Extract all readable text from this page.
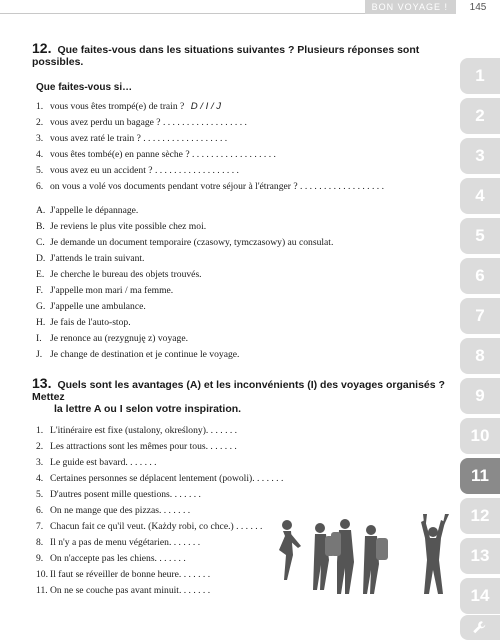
BON VOYAGE !	145
1
2
3
4
5
6
7
8
9
10
11
12
13
14

12. Que faites-vous dans les situations suivantes ? Plusieurs réponses sont possibles.

Que faites-vous si…
1. vous vous êtes trompé(e) de train ? D / I / J
2. vous avez perdu un bagage ? . . . . . . . . . . . . . . . . . .
3. vous avez raté le train ? . . . . . . . . . . . . . . . . . .
4. vous êtes tombé(e) en panne sèche ? . . . . . . . . . . . . . . . . . .
5. vous avez eu un accident ? . . . . . . . . . . . . . . . . . .
6. on vous a volé vos documents pendant votre séjour à l'étranger ? . . . . . . . . . . . . . . . . . .
A. J'appelle le dépannage.
B. Je reviens le plus vite possible chez moi.
C. Je demande un document temporaire (czasowy, tymczasowy) au consulat.
D. J'attends le train suivant.
E. Je cherche le bureau des objets trouvés.
F. J'appelle mon mari / ma femme.
G. J'appelle une ambulance.
H. Je fais de l'auto-stop.
I. Je renonce au (rezygnuję z) voyage.
J. Je change de destination et je continue le voyage.

13. Quels sont les avantages (A) et les inconvénients (I) des voyages organisés ? Mettez
la lettre A ou I selon votre inspiration.

1. L'itinéraire est fixe (ustalony, określony). . . . . . .
2. Les attractions sont les mêmes pour tous. . . . . . .
3. Le guide est bavard. . . . . . .
4. Certaines personnes se déplacent lentement (powoli). . . . . . .
5. D'autres posent mille questions. . . . . . .
6. On ne mange que des pizzas. . . . . . .
7. Chacun fait ce qu'il veut. (Każdy robi, co chce.) . . . . . .
8. Il n'y a pas de menu végétarien. . . . . . .
9. On n'accepte pas les chiens. . . . . . .
10. Il faut se réveiller de bonne heure. . . . . . .
11. On ne se couche pas avant minuit. . . . . . .
